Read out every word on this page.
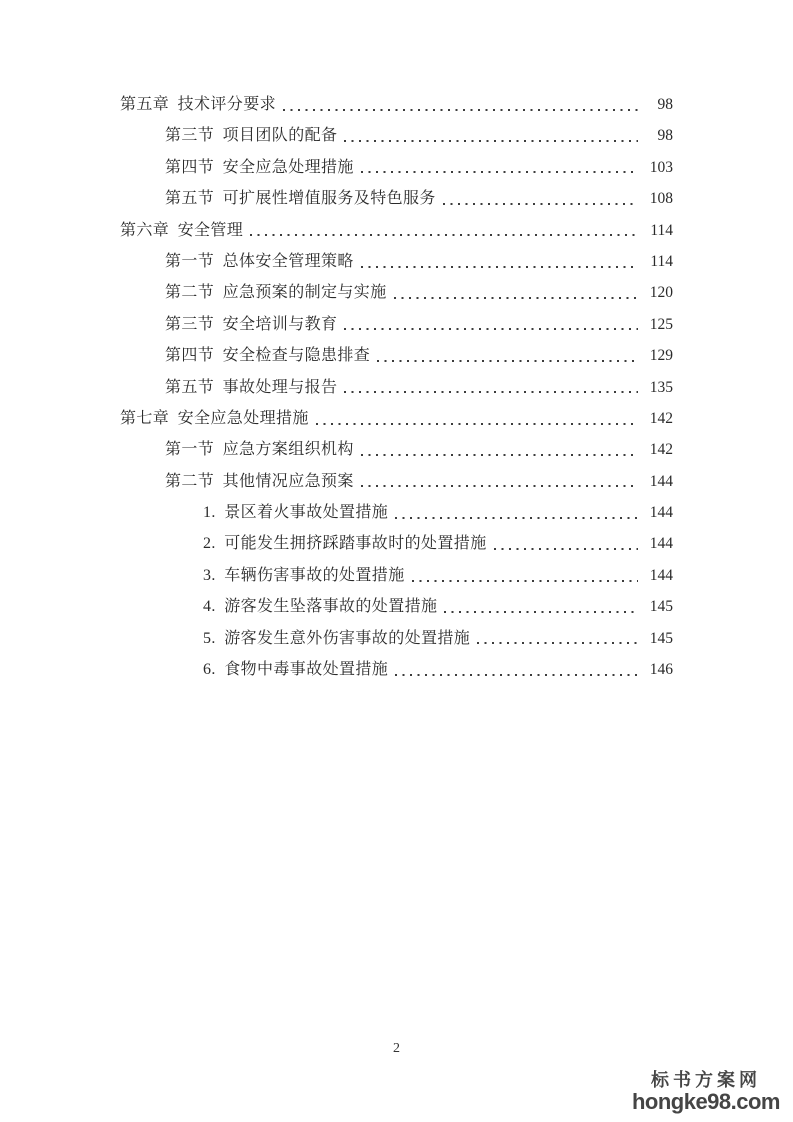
第五章 技术评分要求	98
第三节 项目团队的配备	98
第四节 安全应急处理措施	103
第五节 可扩展性增值服务及特色服务	108
第六章 安全管理	114
第一节 总体安全管理策略	114
第二节 应急预案的制定与实施	120
第三节 安全培训与教育	125
第四节 安全检查与隐患排查	129
第五节 事故处理与报告	135
第七章 安全应急处理措施	142
第一节 应急方案组织机构	142
第二节 其他情况应急预案	144
1. 景区着火事故处置措施	144
2. 可能发生拥挤踩踏事故时的处置措施	144
3. 车辆伤害事故的处置措施	144
4. 游客发生坠落事故的处置措施	145
5. 游客发生意外伤害事故的处置措施	145
6. 食物中毒事故处置措施	146
2
标书方案网
hongke98.com
